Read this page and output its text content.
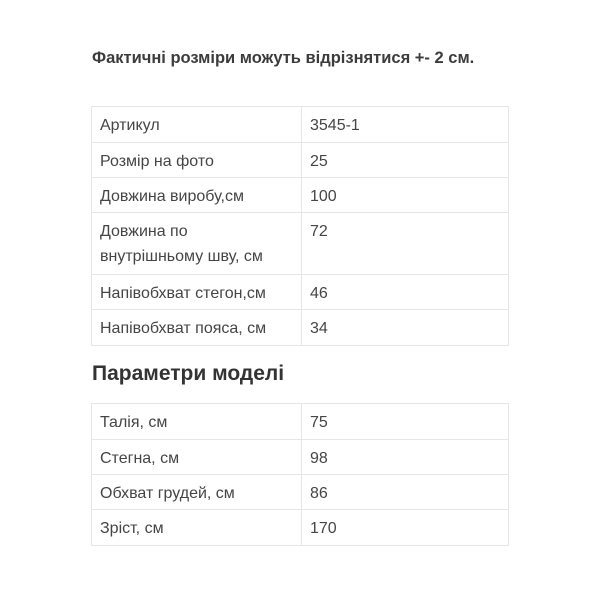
Фактичні розміри можуть відрізнятися +- 2 см.
Артикул	3545-1
Розмір на фото	25
Довжина виробу,см	100
Довжина по внутрішньому шву, см	72
Напівобхват стегон,см	46
Напівобхват пояса, см	34
Параметри моделі
Талія, см	75
Стегна, см	98
Обхват грудей, см	86
Зріст, см	170
